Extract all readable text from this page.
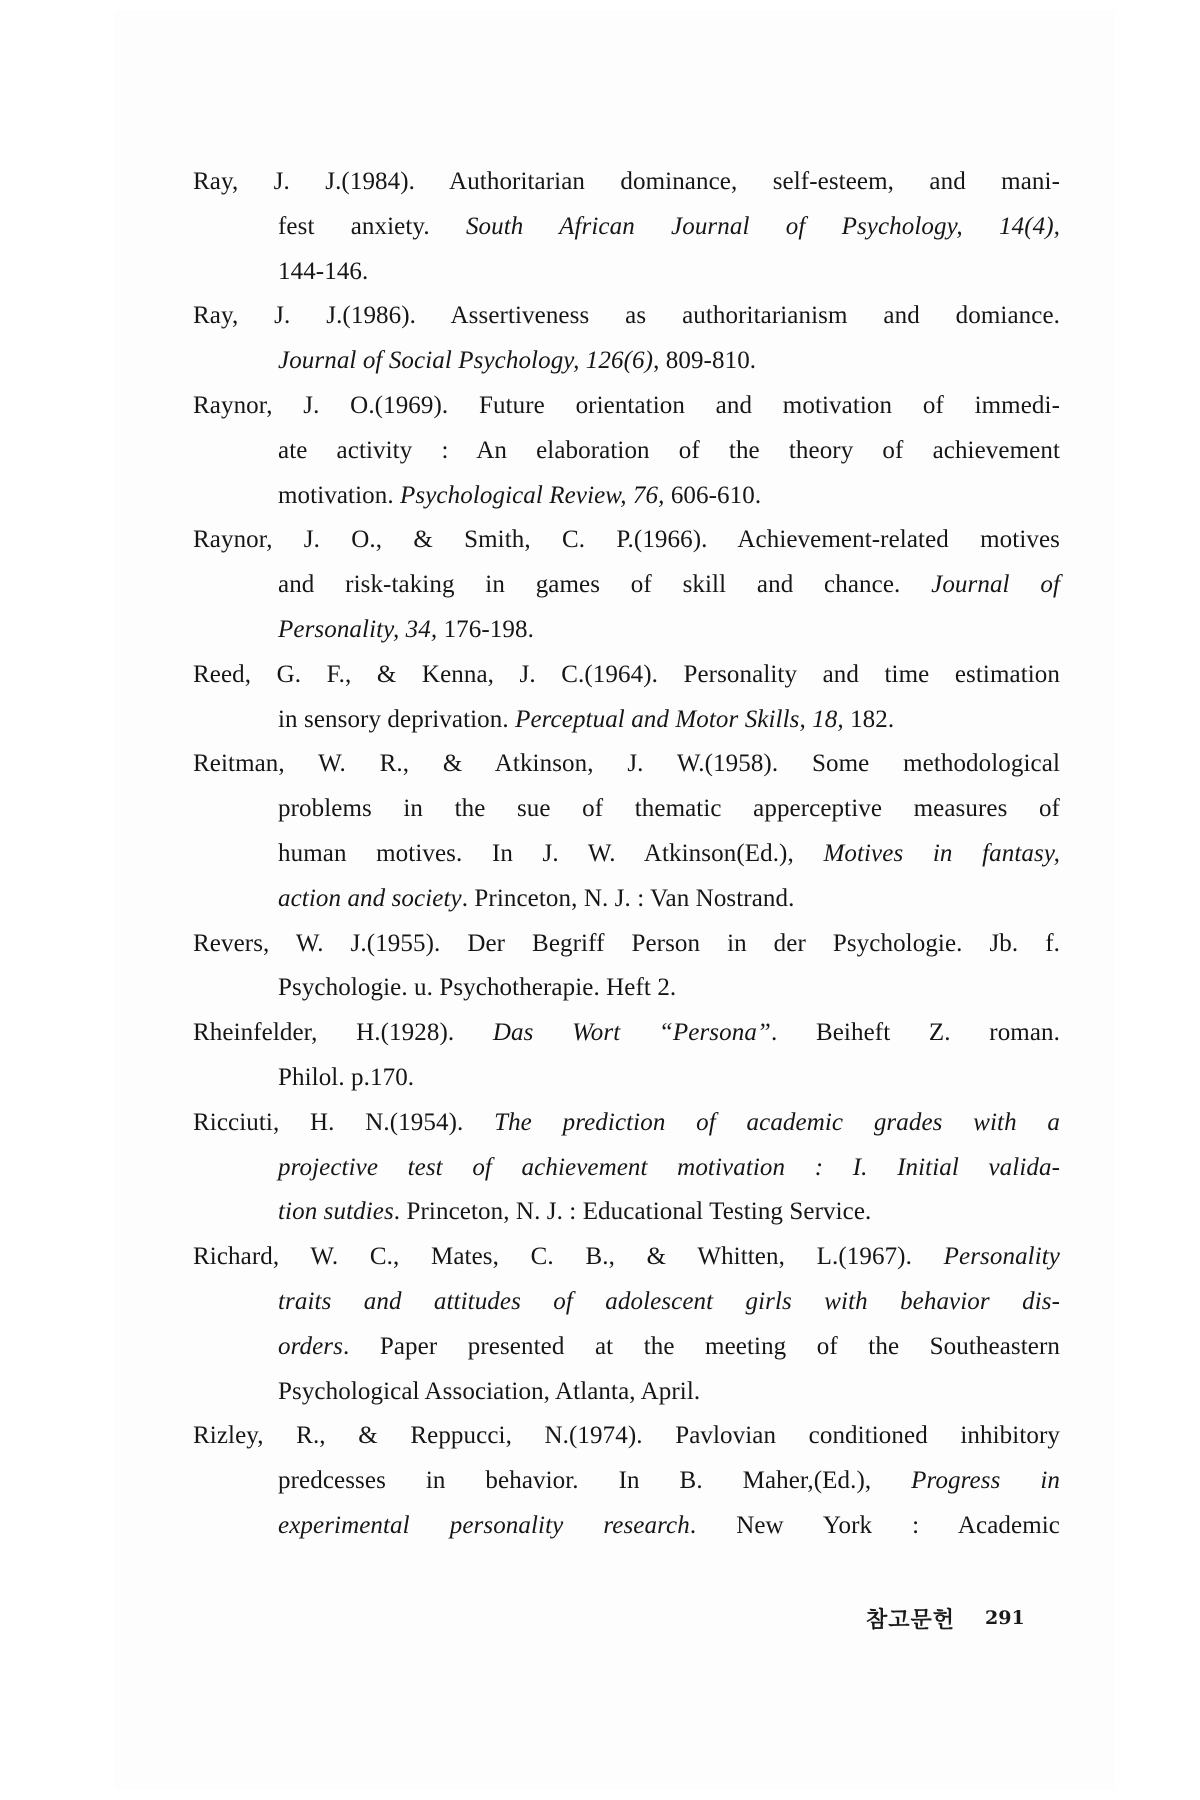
Ray, J. J.(1984). Authoritarian dominance, self-esteem, and mani-
fest anxiety. South African Journal of Psychology, 14(4),
144-146.
Ray, J. J.(1986). Assertiveness as authoritarianism and domiance.
Journal of Social Psychology, 126(6), 809-810.
Raynor, J. O.(1969). Future orientation and motivation of immedi-
ate activity : An elaboration of the theory of achievement
motivation. Psychological Review, 76, 606-610.
Raynor, J. O., & Smith, C. P.(1966). Achievement-related motives
and risk-taking in games of skill and chance. Journal of
Personality, 34, 176-198.
Reed, G. F., & Kenna, J. C.(1964). Personality and time estimation
in sensory deprivation. Perceptual and Motor Skills, 18, 182.
Reitman, W. R., & Atkinson, J. W.(1958). Some methodological
problems in the sue of thematic apperceptive measures of
human motives. In J. W. Atkinson(Ed.), Motives in fantasy,
action and society. Princeton, N. J. : Van Nostrand.
Revers, W. J.(1955). Der Begriff Person in der Psychologie. Jb. f.
Psychologie. u. Psychotherapie. Heft 2.
Rheinfelder, H.(1928). Das Wort “Persona”. Beiheft Z. roman.
Philol. p.170.
Ricciuti, H. N.(1954). The prediction of academic grades with a
projective test of achievement motivation : I. Initial valida-
tion sutdies. Princeton, N. J. : Educational Testing Service.
Richard, W. C., Mates, C. B., & Whitten, L.(1967). Personality
traits and attitudes of adolescent girls with behavior dis-
orders. Paper presented at the meeting of the Southeastern
Psychological Association, Atlanta, April.
Rizley, R., & Reppucci, N.(1974). Pavlovian conditioned inhibitory
predcesses in behavior. In B. Maher,(Ed.), Progress in
experimental personality research. New York : Academic
참고문헌 291
